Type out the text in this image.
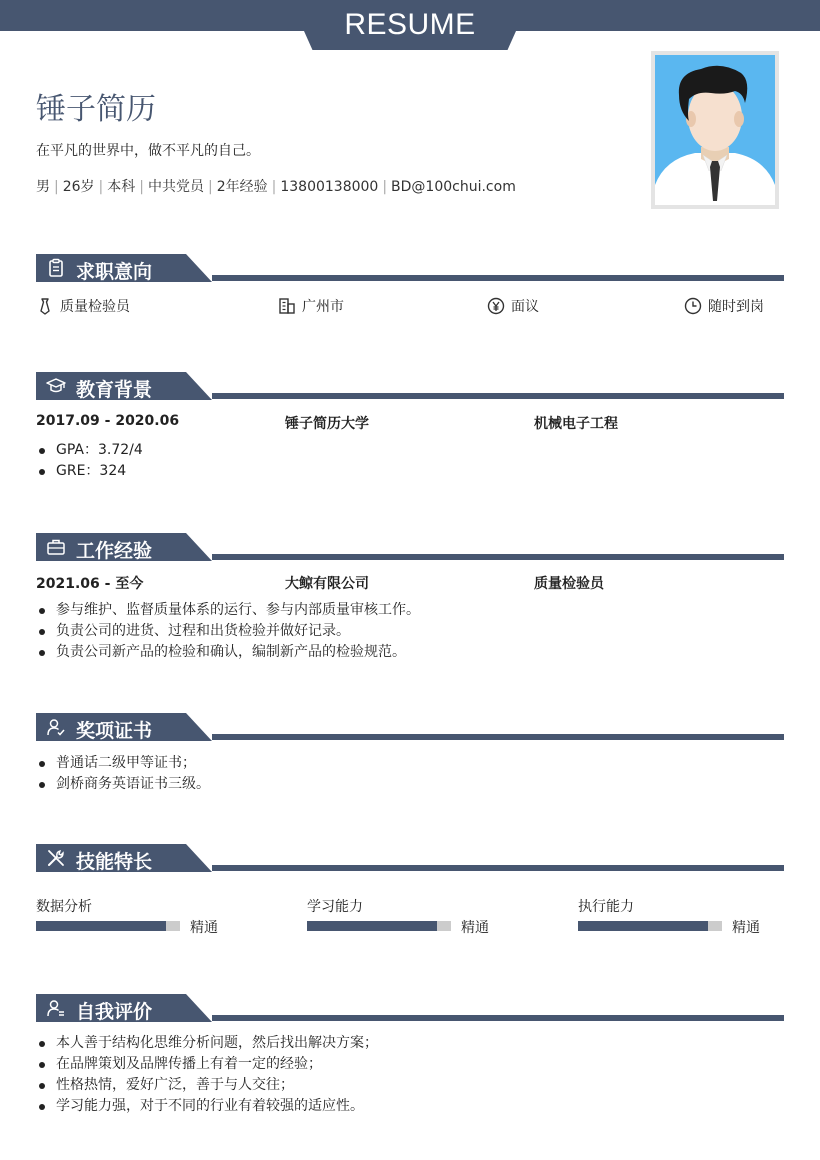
RESUME
锤子简历
在平凡的世界中，做不平凡的自己。
男 | 26岁 | 本科 | 中共党员 | 2年经验 | 13800138000 | BD@100chui.com
求职意向
质量检验员	广州市	面议	随时到岗
教育背景
2017.09 - 2020.06	锤子简历大学	机械电子工程
GPA：3.72/4
GRE：324
工作经验
2021.06 - 至今	大鲸有限公司	质量检验员
参与维护、监督质量体系的运行、参与内部质量审核工作。
负责公司的进货、过程和出货检验并做好记录。
负责公司新产品的检验和确认，编制新产品的检验规范。
奖项证书
普通话二级甲等证书；
剑桥商务英语证书三级。
技能特长
数据分析
精通
学习能力
精通
执行能力
精通
自我评价
本人善于结构化思维分析问题，然后找出解决方案；
在品牌策划及品牌传播上有着一定的经验；
性格热情，爱好广泛，善于与人交往；
学习能力强，对于不同的行业有着较强的适应性。
